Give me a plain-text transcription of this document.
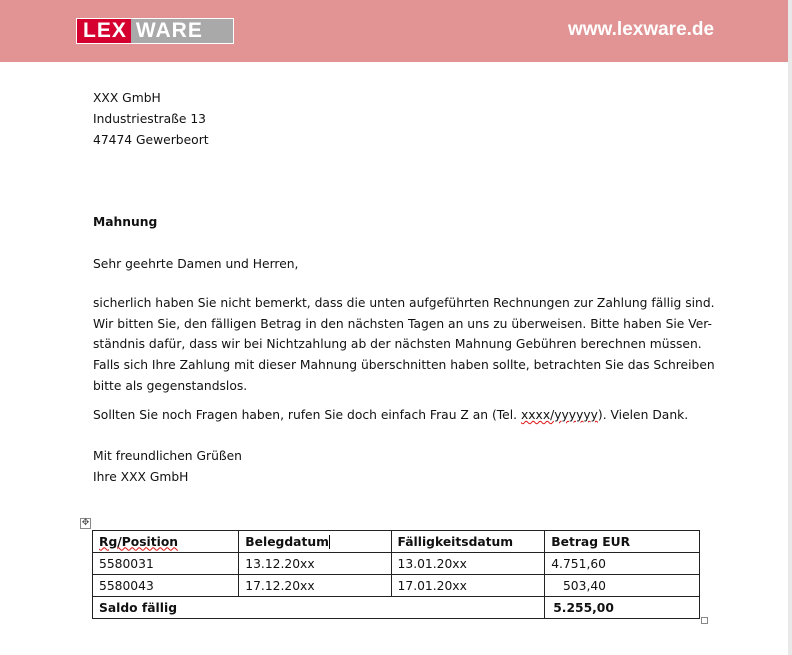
LEX WARE	www.lexware.de
XXX GmbH
Industriestraße 13
47474 Gewerbeort
Mahnung
Sehr geehrte Damen und Herren,
sicherlich haben Sie nicht bemerkt, dass die unten aufgeführten Rechnungen zur Zahlung fällig sind.
Wir bitten Sie, den fälligen Betrag in den nächsten Tagen an uns zu überweisen. Bitte haben Sie Ver-
ständnis dafür, dass wir bei Nichtzahlung ab der nächsten Mahnung Gebühren berechnen müssen.
Falls sich Ihre Zahlung mit dieser Mahnung überschnitten haben sollte, betrachten Sie das Schreiben
bitte als gegenstandslos.
Sollten Sie noch Fragen haben, rufen Sie doch einfach Frau Z an (Tel. xxxx/yyyyyy). Vielen Dank.
Mit freundlichen Grüßen
Ihre XXX GmbH
✥
Rg/Position	Belegdatum	Fälligkeitsdatum	Betrag EUR
5580031	13.12.20xx	13.01.20xx	4.751,60
5580043	17.12.20xx	17.01.20xx	503,40
Saldo fällig			5.255,00
